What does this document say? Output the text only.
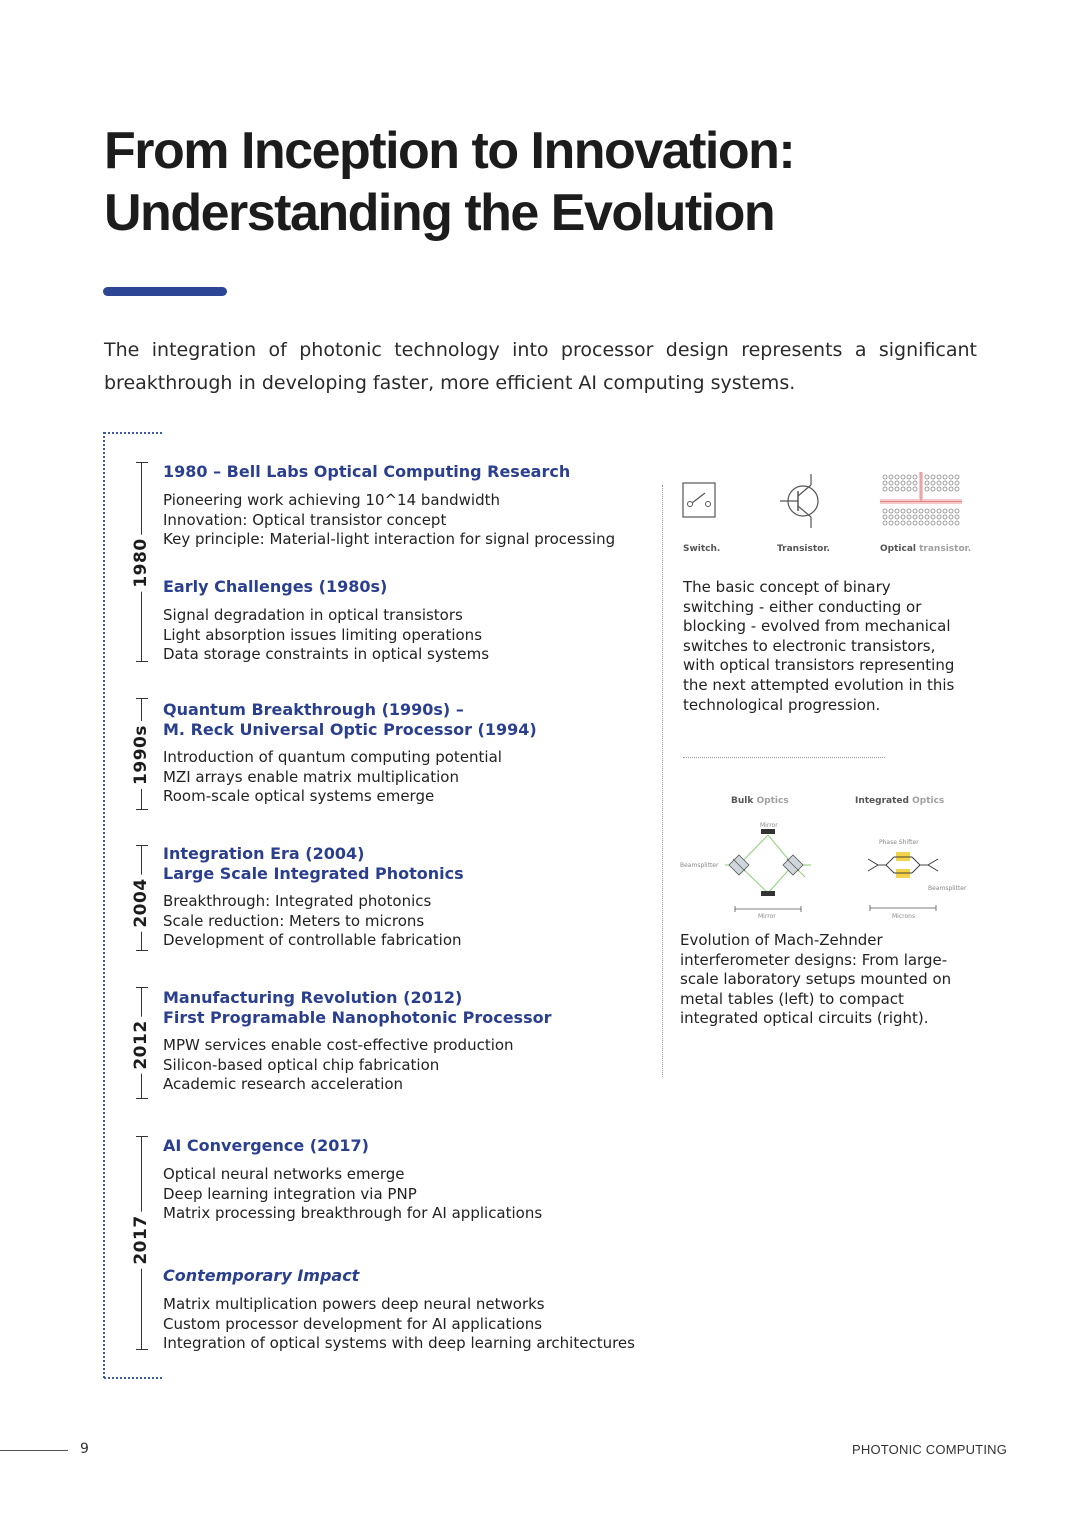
From Inception to Innovation:
Understanding the Evolution

The integration of photonic technology into processor design represents a significant breakthrough in developing faster, more efficient AI computing systems.

1980
1980 – Bell Labs Optical Computing Research
Pioneering work achieving 10^14 bandwidth
Innovation: Optical transistor concept
Key principle: Material-light interaction for signal processing
Early Challenges (1980s)
Signal degradation in optical transistors
Light absorption issues limiting operations
Data storage constraints in optical systems
1990s
Quantum Breakthrough (1990s) –
M. Reck Universal Optic Processor (1994)
Introduction of quantum computing potential
MZI arrays enable matrix multiplication
Room-scale optical systems emerge
2004
Integration Era (2004)
Large Scale Integrated Photonics
Breakthrough: Integrated photonics
Scale reduction: Meters to microns
Development of controllable fabrication
2012
Manufacturing Revolution (2012)
First Programable Nanophotonic Processor
MPW services enable cost-effective production
Silicon-based optical chip fabrication
Academic research acceleration
2017
AI Convergence (2017)
Optical neural networks emerge
Deep learning integration via PNP
Matrix processing breakthrough for AI applications
Contemporary Impact
Matrix multiplication powers deep neural networks
Custom processor development for AI applications
Integration of optical systems with deep learning architectures
Switch.	Transistor.	Optical transistor.

The basic concept of binary switching - either conducting or blocking - evolved from mechanical switches to electronic transistors, with optical transistors representing the next attempted evolution in this technological progression.

Bulk Optics	Integrated Optics
Mirror
Beamsplitter
Mirror
Phase Shifter
Beamsplitter
Microns

Evolution of Mach-Zehnder interferometer designs: From large-scale laboratory setups mounted on metal tables (left) to compact integrated optical circuits (right).

9	PHOTONIC COMPUTING
